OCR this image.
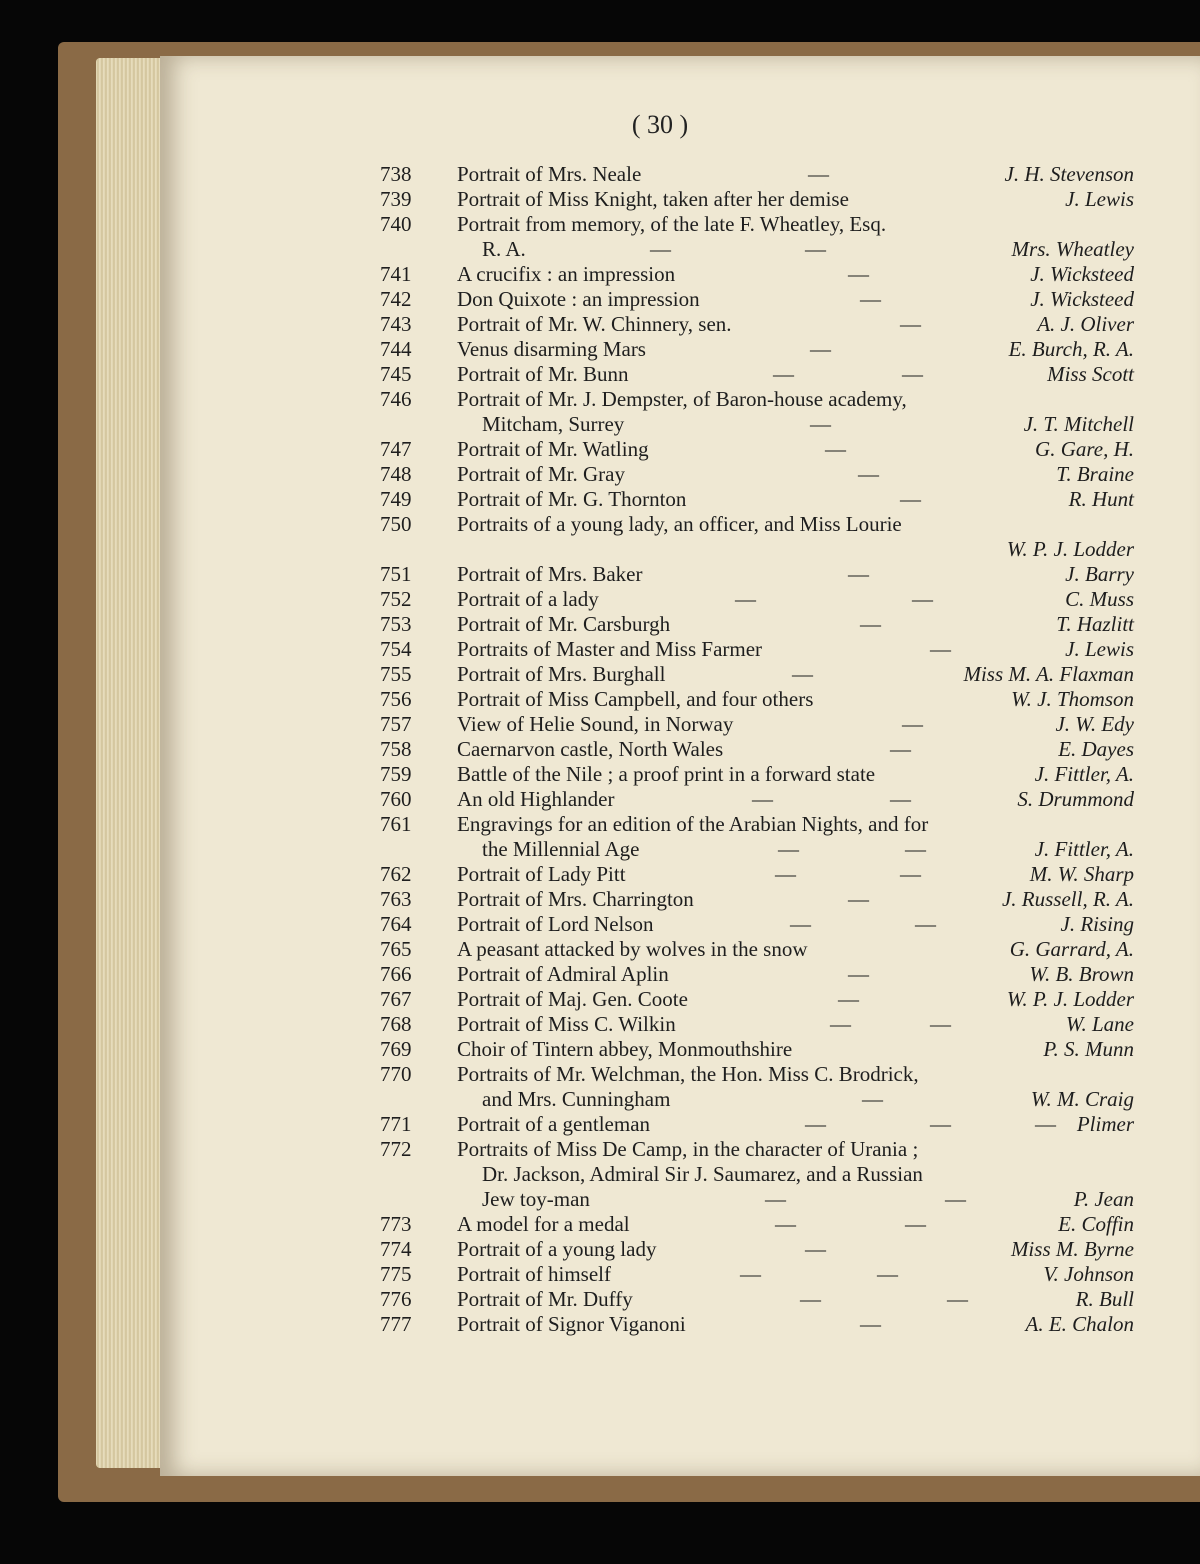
( 30 )
738	Portrait of Mrs. Neale	—	J. H. Stevenson
739	Portrait of Miss Knight, taken after her demise	J. Lewis
740	Portrait from memory, of the late F. Wheatley, Esq.
R. A.	—	—	Mrs. Wheatley
741	A crucifix : an impression	—	J. Wicksteed
742	Don Quixote : an impression	—	J. Wicksteed
743	Portrait of Mr. W. Chinnery, sen.	—	A. J. Oliver
744	Venus disarming Mars	—	E. Burch, R. A.
745	Portrait of Mr. Bunn	—	—	Miss Scott
746	Portrait of Mr. J. Dempster, of Baron-house academy,
Mitcham, Surrey	—	J. T. Mitchell
747	Portrait of Mr. Watling	—	G. Gare, H.
748	Portrait of Mr. Gray	—	T. Braine
749	Portrait of Mr. G. Thornton	—	R. Hunt
750	Portraits of a young lady, an officer, and Miss Lourie
W. P. J. Lodder
751	Portrait of Mrs. Baker	—	J. Barry
752	Portrait of a lady	—	—	C. Muss
753	Portrait of Mr. Carsburgh	—	T. Hazlitt
754	Portraits of Master and Miss Farmer	—	J. Lewis
755	Portrait of Mrs. Burghall	—	Miss M. A. Flaxman
756	Portrait of Miss Campbell, and four others	W. J. Thomson
757	View of Helie Sound, in Norway	—	J. W. Edy
758	Caernarvon castle, North Wales	—	E. Dayes
759	Battle of the Nile ; a proof print in a forward state	J. Fittler, A.
760	An old Highlander	—	—	S. Drummond
761	Engravings for an edition of the Arabian Nights, and for
the Millennial Age	—	—	J. Fittler, A.
762	Portrait of Lady Pitt	—	—	M. W. Sharp
763	Portrait of Mrs. Charrington	—	J. Russell, R. A.
764	Portrait of Lord Nelson	—	—	J. Rising
765	A peasant attacked by wolves in the snow	G. Garrard, A.
766	Portrait of Admiral Aplin	—	W. B. Brown
767	Portrait of Maj. Gen. Coote	—	W. P. J. Lodder
768	Portrait of Miss C. Wilkin	—	—	W. Lane
769	Choir of Tintern abbey, Monmouthshire	P. S. Munn
770	Portraits of Mr. Welchman, the Hon. Miss C. Brodrick,
and Mrs. Cunningham	—	W. M. Craig
771	Portrait of a gentleman	—	—	— Plimer
772	Portraits of Miss De Camp, in the character of Urania ;
Dr. Jackson, Admiral Sir J. Saumarez, and a Russian
Jew toy-man	—	—	P. Jean
773	A model for a medal	—	—	E. Coffin
774	Portrait of a young lady	—	Miss M. Byrne
775	Portrait of himself	—	—	V. Johnson
776	Portrait of Mr. Duffy	—	—	R. Bull
777	Portrait of Signor Viganoni	—	A. E. Chalon
